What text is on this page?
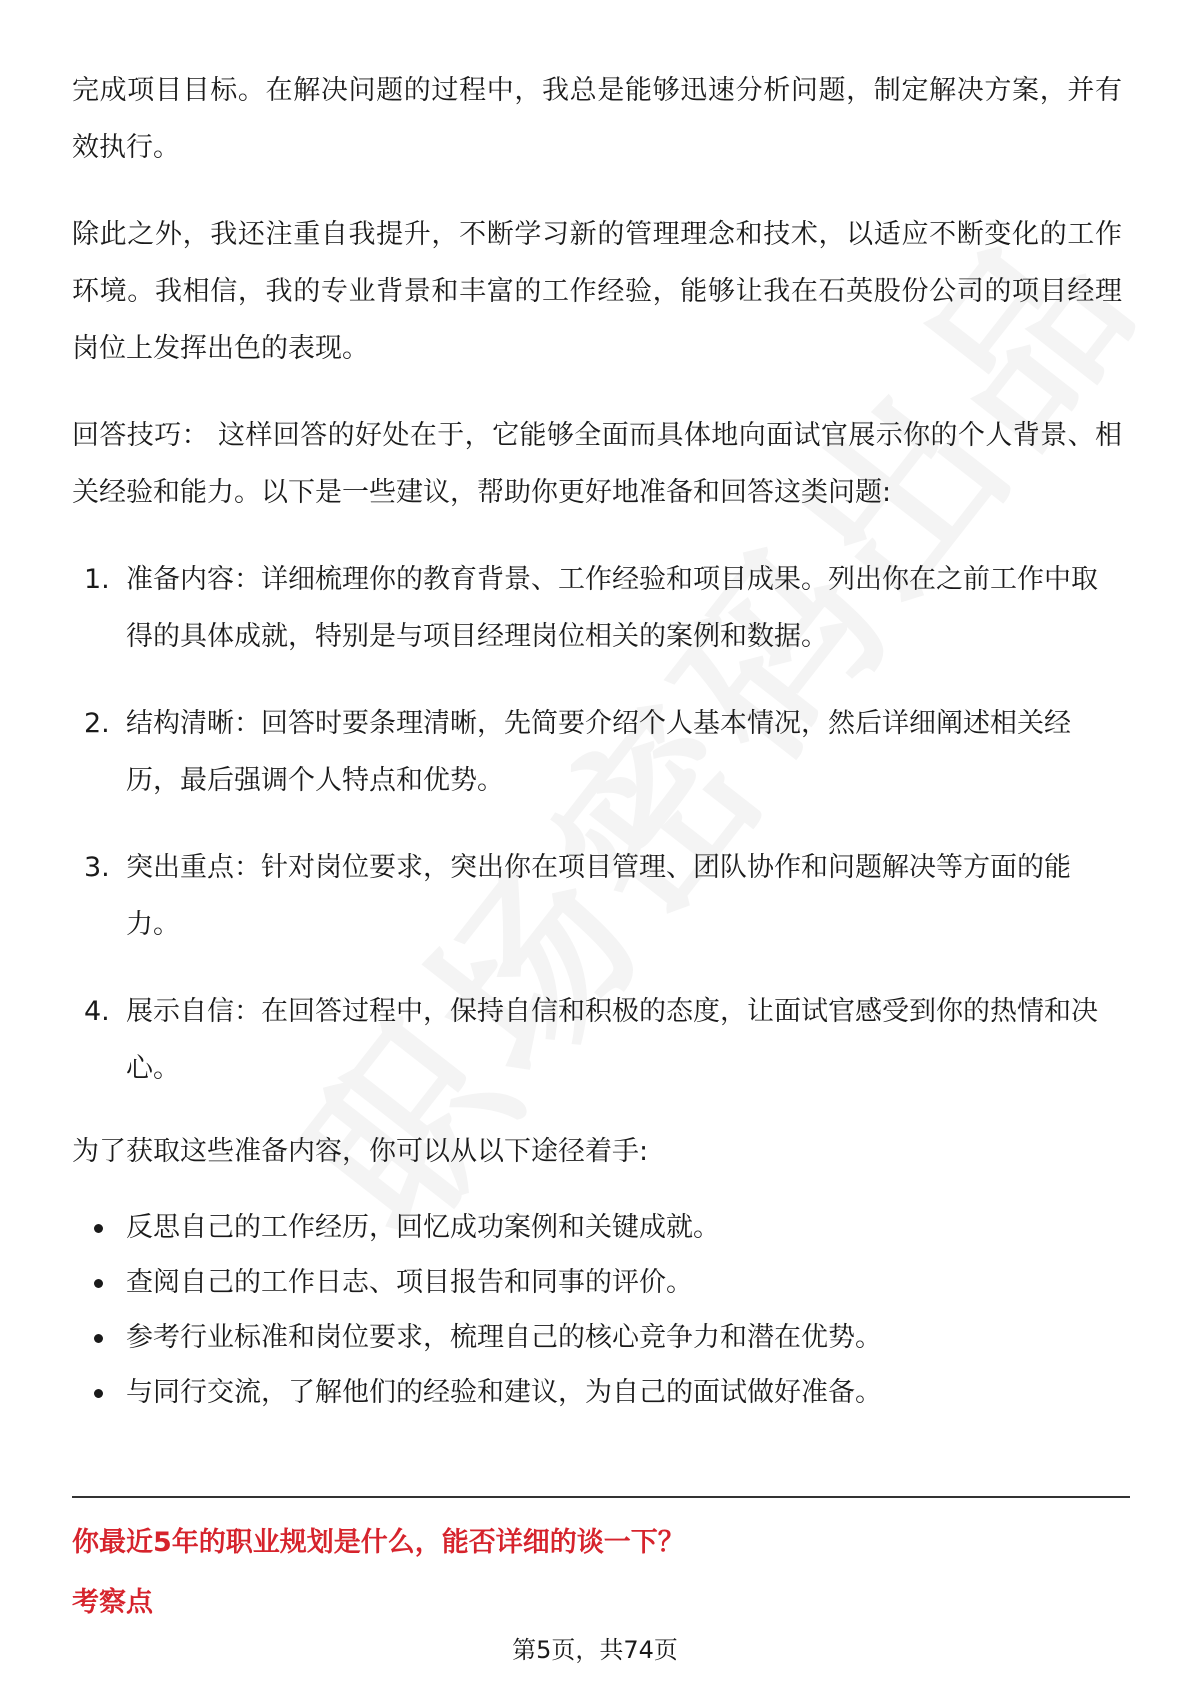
完成项目目标。在解决问题的过程中，我总是能够迅速分析问题，制定解决方案，并有效执行。

除此之外，我还注重自我提升，不断学习新的管理理念和技术，以适应不断变化的工作环境。我相信，我的专业背景和丰富的工作经验，能够让我在石英股份公司的项目经理岗位上发挥出色的表现。

回答技巧： 这样回答的好处在于，它能够全面而具体地向面试官展示你的个人背景、相关经验和能力。以下是一些建议，帮助你更好地准备和回答这类问题:

1. 准备内容：详细梳理你的教育背景、工作经验和项目成果。列出你在之前工作中取得的具体成就，特别是与项目经理岗位相关的案例和数据。
2. 结构清晰：回答时要条理清晰，先简要介绍个人基本情况，然后详细阐述相关经历，最后强调个人特点和优势。
3. 突出重点：针对岗位要求，突出你在项目管理、团队协作和问题解决等方面的能力。
4. 展示自信：在回答过程中，保持自信和积极的态度，让面试官感受到你的热情和决心。

为了获取这些准备内容，你可以从以下途径着手:

反思自己的工作经历，回忆成功案例和关键成就。
查阅自己的工作日志、项目报告和同事的评价。
参考行业标准和岗位要求，梳理自己的核心竞争力和潜在优势。
与同行交流，了解他们的经验和建议，为自己的面试做好准备。
你最近5年的职业规划是什么，能否详细的谈一下？
考察点
第5页，共74页
